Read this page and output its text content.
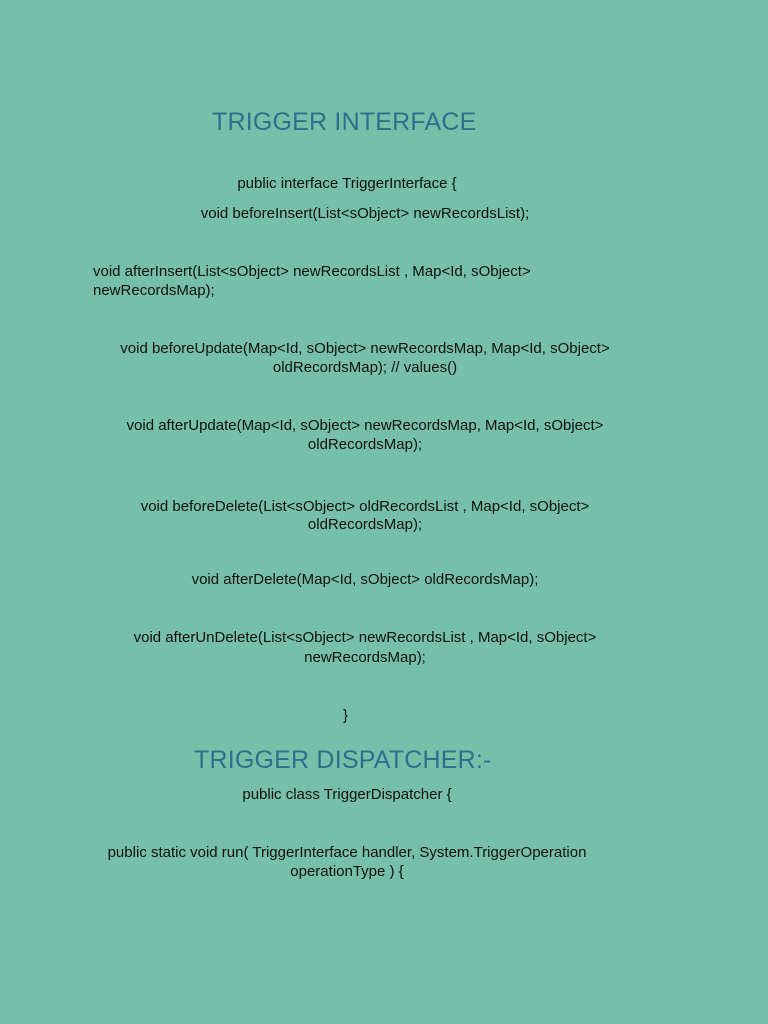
TRIGGER INTERFACE

public interface TriggerInterface {

void beforeInsert(List<sObject> newRecordsList);

void afterInsert(List<sObject> newRecordsList , Map<Id, sObject>

newRecordsMap);

void beforeUpdate(Map<Id, sObject> newRecordsMap, Map<Id, sObject>

oldRecordsMap); // values()

void afterUpdate(Map<Id, sObject> newRecordsMap, Map<Id, sObject>

oldRecordsMap);

void beforeDelete(List<sObject> oldRecordsList , Map<Id, sObject>

oldRecordsMap);

void afterDelete(Map<Id, sObject> oldRecordsMap);

void afterUnDelete(List<sObject> newRecordsList , Map<Id, sObject>

newRecordsMap);

}

TRIGGER DISPATCHER:-

public class TriggerDispatcher {

public static void run( TriggerInterface handler, System.TriggerOperation

operationType ) {
